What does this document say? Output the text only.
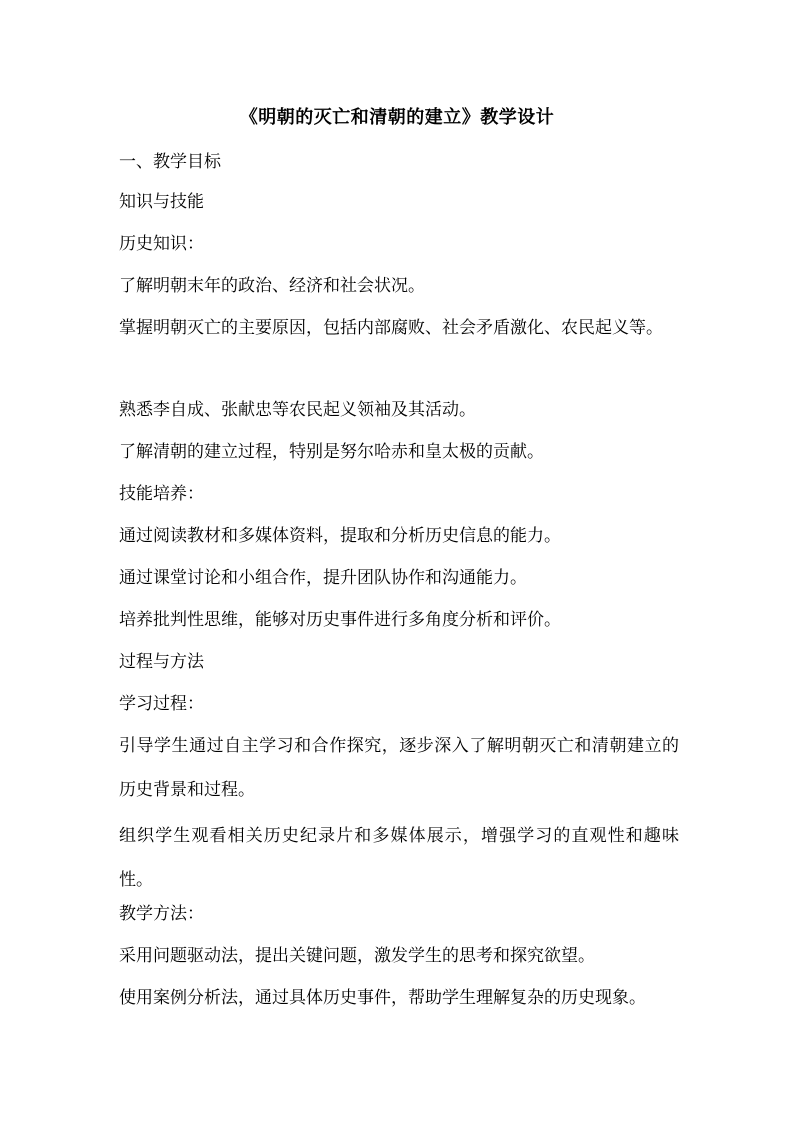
《明朝的灭亡和清朝的建立》教学设计
一、教学目标
知识与技能
历史知识：
了解明朝末年的政治、经济和社会状况。
掌握明朝灭亡的主要原因，包括内部腐败、社会矛盾激化、农民起义等。
熟悉李自成、张献忠等农民起义领袖及其活动。
了解清朝的建立过程，特别是努尔哈赤和皇太极的贡献。
技能培养：
通过阅读教材和多媒体资料，提取和分析历史信息的能力。
通过课堂讨论和小组合作，提升团队协作和沟通能力。
培养批判性思维，能够对历史事件进行多角度分析和评价。
过程与方法
学习过程：
引导学生通过自主学习和合作探究，逐步深入了解明朝灭亡和清朝建立的历史背景和过程。
组织学生观看相关历史纪录片和多媒体展示，增强学习的直观性和趣味性。
教学方法：
采用问题驱动法，提出关键问题，激发学生的思考和探究欲望。
使用案例分析法，通过具体历史事件，帮助学生理解复杂的历史现象。
